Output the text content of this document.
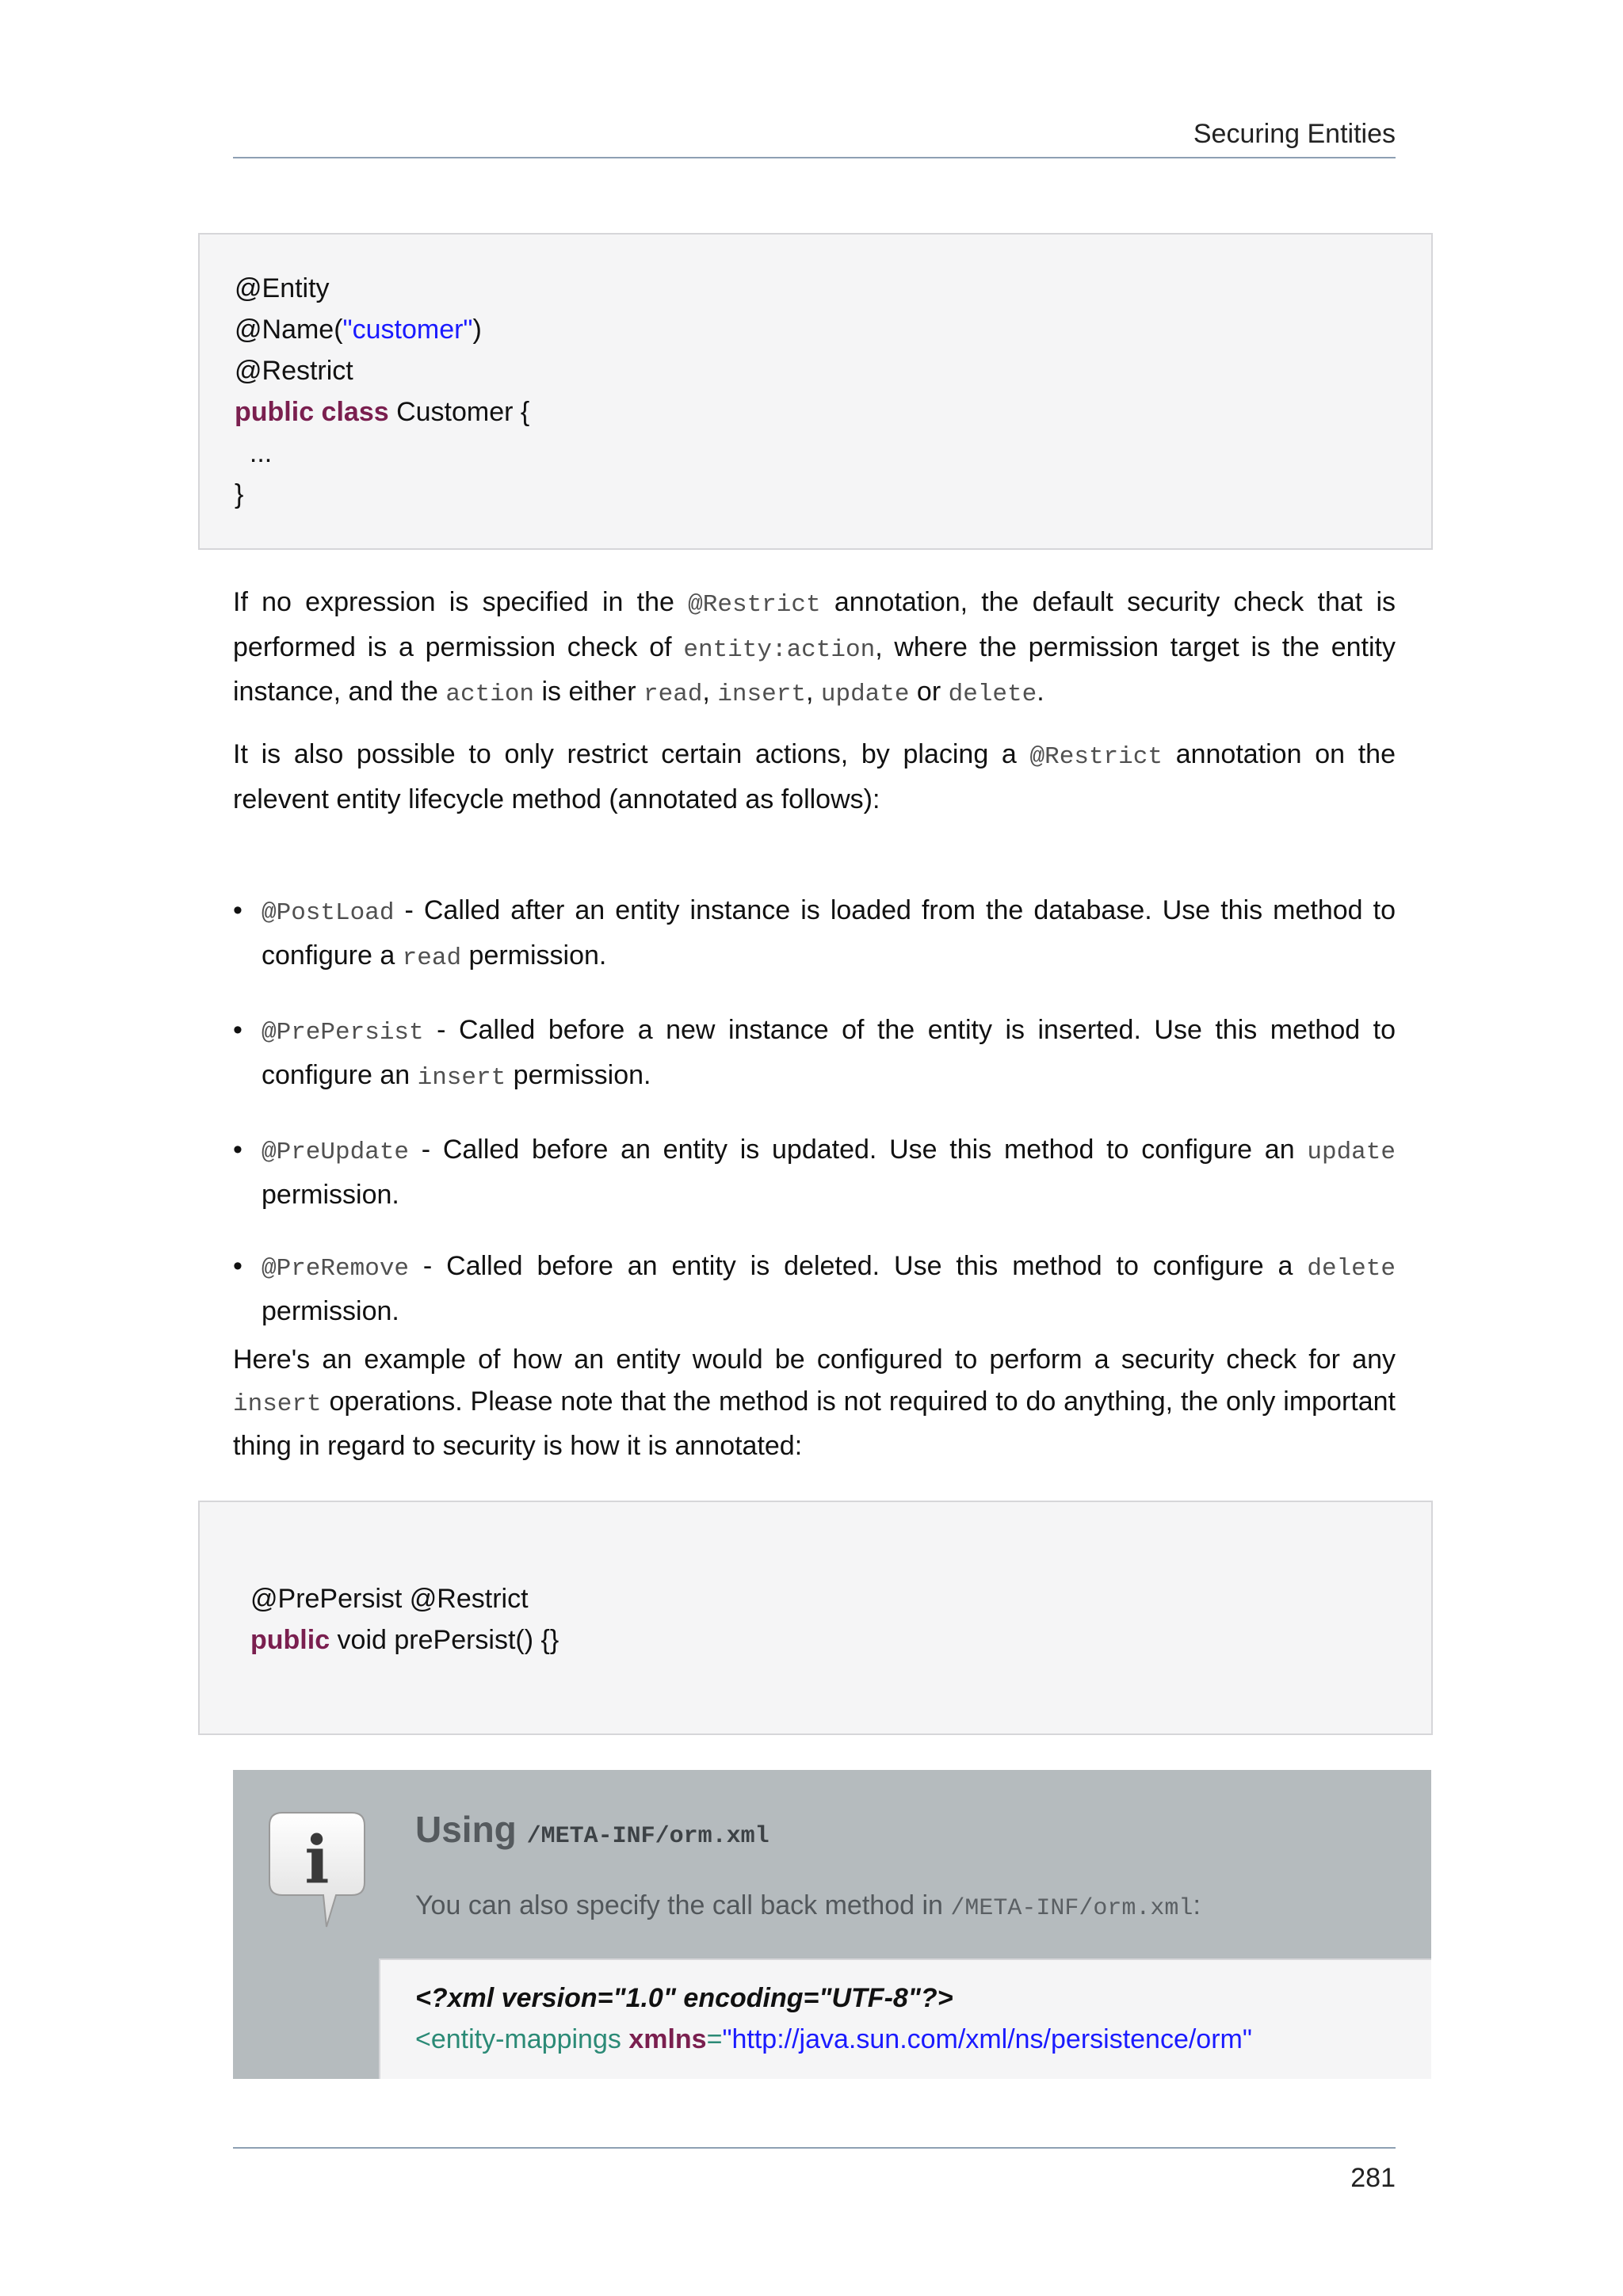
Securing Entities
@Entity
@Name("customer")
@Restrict
public class Customer {
...
}

If no expression is specified in the @Restrict annotation, the default security check that is performed is a permission check of entity:action, where the permission target is the entity instance, and the action is either read, insert, update or delete.

It is also possible to only restrict certain actions, by placing a @Restrict annotation on the relevent entity lifecycle method (annotated as follows):

• @PostLoad - Called after an entity instance is loaded from the database. Use this method to configure a read permission.
• @PrePersist - Called before a new instance of the entity is inserted. Use this method to configure an insert permission.
• @PreUpdate - Called before an entity is updated. Use this method to configure an update permission.
• @PreRemove - Called before an entity is deleted. Use this method to configure a delete permission.

Here's an example of how an entity would be configured to perform a security check for any insert operations. Please note that the method is not required to do anything, the only important thing in regard to security is how it is annotated:

@PrePersist @Restrict
public void prePersist() {}
i Using /META-INF/orm.xml
You can also specify the call back method in /META-INF/orm.xml:
<?xml version="1.0" encoding="UTF-8"?>
<entity-mappings xmlns="http://java.sun.com/xml/ns/persistence/orm"
281
